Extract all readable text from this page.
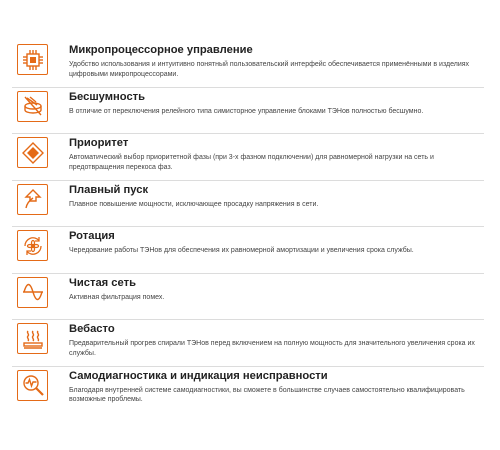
Микропроцессорное управление
Удобство использования и интуитивно понятный пользовательский интерфейс обеспечивается применёнными в изделиях цифровыми микропроцессорами.
Бесшумность
В отличие от переключения релейного типа симисторное управление блоками ТЭНов полностью бесшумно.
Приоритет
Автоматический выбор приоритетной фазы (при 3-х фазном подключении) для равномерной нагрузки на сеть и предотвращения перекоса фаз.
Плавный пуск
Плавное повышение мощности, исключающее просадку напряжения в сети.
Ротация
Чередование работы ТЭНов для обеспечения их равномерной амортизации и увеличения срока службы.
Чистая сеть
Активная фильтрация помех.
Вебасто
Предварительный прогрев спирали ТЭНов перед включением на полную мощность для значительного увеличения срока их службы.
Самодиагностика и индикация неисправности
Благодаря внутренней системе самодиагностики, вы сможете в большинстве случаев самостоятельно квалифицировать возможные проблемы.
